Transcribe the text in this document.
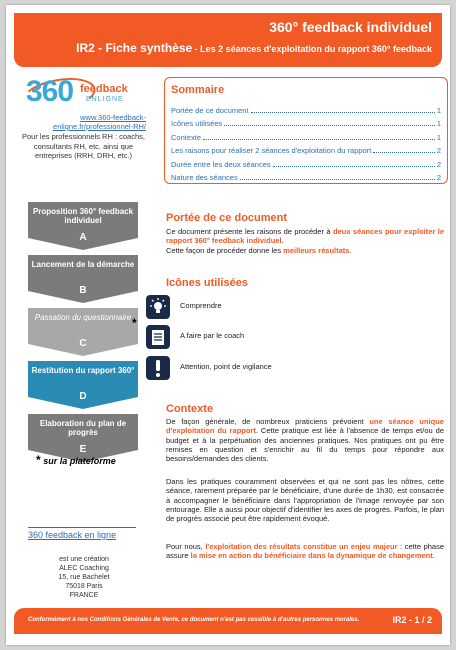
360° feedback individuel
IR2 - Fiche synthèse - Les 2 séances d'exploitation du rapport 360° feedback
360 feedback
ENLIGNE
www.360-feedback-enligne.fr/professionnel-RH/
Pour les professionnels RH : coachs, consultants RH, etc. ainsi que entreprises (RRH, DRH, etc.)
Proposition 360° feedback individuel
A
Lancement de la démarche
B
Passation du questionnaire
C
*
Restitution du rapport 360°
D
Elaboration du plan de progrès
E
* sur la plateforme
360 feedback en ligne
est une création
ALEC Coaching
15, rue Bachelet
75018 Paris
FRANCE
Sommaire
Portée de ce document	1
Icônes utilisées	1
Contexte	1
Les raisons pour réaliser 2 séances d'exploitation du rapport	2
Durée entre les deux séances	2
Nature des séances	2
Portée de ce document
Ce document présente les raisons de procéder à deux séances pour exploiter le rapport 360° feedback individuel.
Cette façon de procéder donne les meilleurs résultats.
Icônes utilisées
Comprendre
A faire par le coach
Attention, point de vigilance
Contexte
De façon générale, de nombreux praticiens prévoient une séance unique d'exploitation du rapport. Cette pratique est liée à l'absence de temps et/ou de budget et à la perpétuation des anciennes pratiques. Nos pratiques ont pu être remises en question et s'enrichir au fil du temps pour répondre aux besoins/demandes des clients.
Dans les pratiques couramment observées et qui ne sont pas les nôtres, cette séance, rarement préparée par le bénéficiaire, d'une durée de 1h30, est consacrée à accompagner le bénéficiaire dans l'appropriation de l'image renvoyée par son entourage. Elle a aussi pour objectif d'identifier les axes de progrès. Parfois, le plan de progrès associé peut être rapidement évoqué.
Pour nous, l'exploitation des résultats constitue un enjeu majeur : cette phase assure la mise en action du bénéficiaire dans la dynamique de changement.
Conformément à nos Conditions Générales de Vente, ce document n'est pas cessible à d'autres personnes morales.	IR2 - 1 / 2
